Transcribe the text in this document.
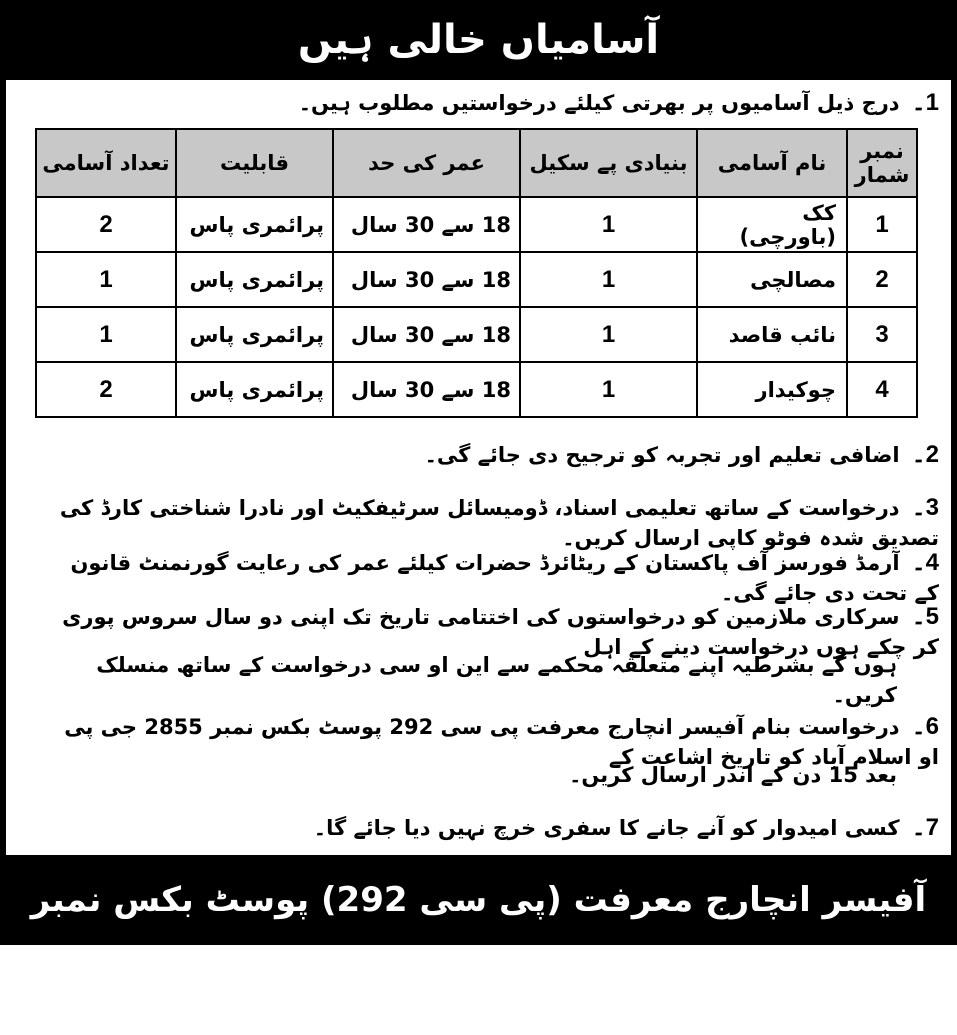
آسامیاں خالی ہیں
1۔درج ذیل آسامیوں پر بھرتی کیلئے درخواستیں مطلوب ہیں۔
نمبر شمار	نام آسامی	بنیادی پے سکیل	عمر کی حد	قابلیت	تعداد آسامی
1	کک (باورچی)	1	18 سے 30 سال	پرائمری پاس	2
2	مصالچی	1	18 سے 30 سال	پرائمری پاس	1
3	نائب قاصد	1	18 سے 30 سال	پرائمری پاس	1
4	چوکیدار	1	18 سے 30 سال	پرائمری پاس	2
2۔اضافی تعلیم اور تجربہ کو ترجیح دی جائے گی۔
3۔درخواست کے ساتھ تعلیمی اسناد، ڈومیسائل سرٹیفکیٹ اور نادرا شناختی کارڈ کی تصدیق شدہ فوٹو کاپی ارسال کریں۔
4۔آرمڈ فورسز آف پاکستان کے ریٹائرڈ حضرات کیلئے عمر کی رعایت گورنمنٹ قانون کے تحت دی جائے گی۔
5۔سرکاری ملازمین کو درخواستوں کی اختتامی تاریخ تک اپنی دو سال سروس پوری کر چکے ہوں درخواست دینے کے اہل
ہوں گے بشرطیہ اپنے متعلقہ محکمے سے این او سی درخواست کے ساتھ منسلک کریں۔
6۔درخواست بنام آفیسر انچارج معرفت پی سی 292 پوسٹ بکس نمبر 2855 جی پی او اسلام آباد کو تاریخ اشاعت کے
بعد 15 دن کے اندر ارسال کریں۔
7۔کسی امیدوار کو آنے جانے کا سفری خرچ نہیں دیا جائے گا۔
آفیسر انچارج معرفت (پی سی 292) پوسٹ بکس نمبر 2855 جی پی او اسلام آباد
